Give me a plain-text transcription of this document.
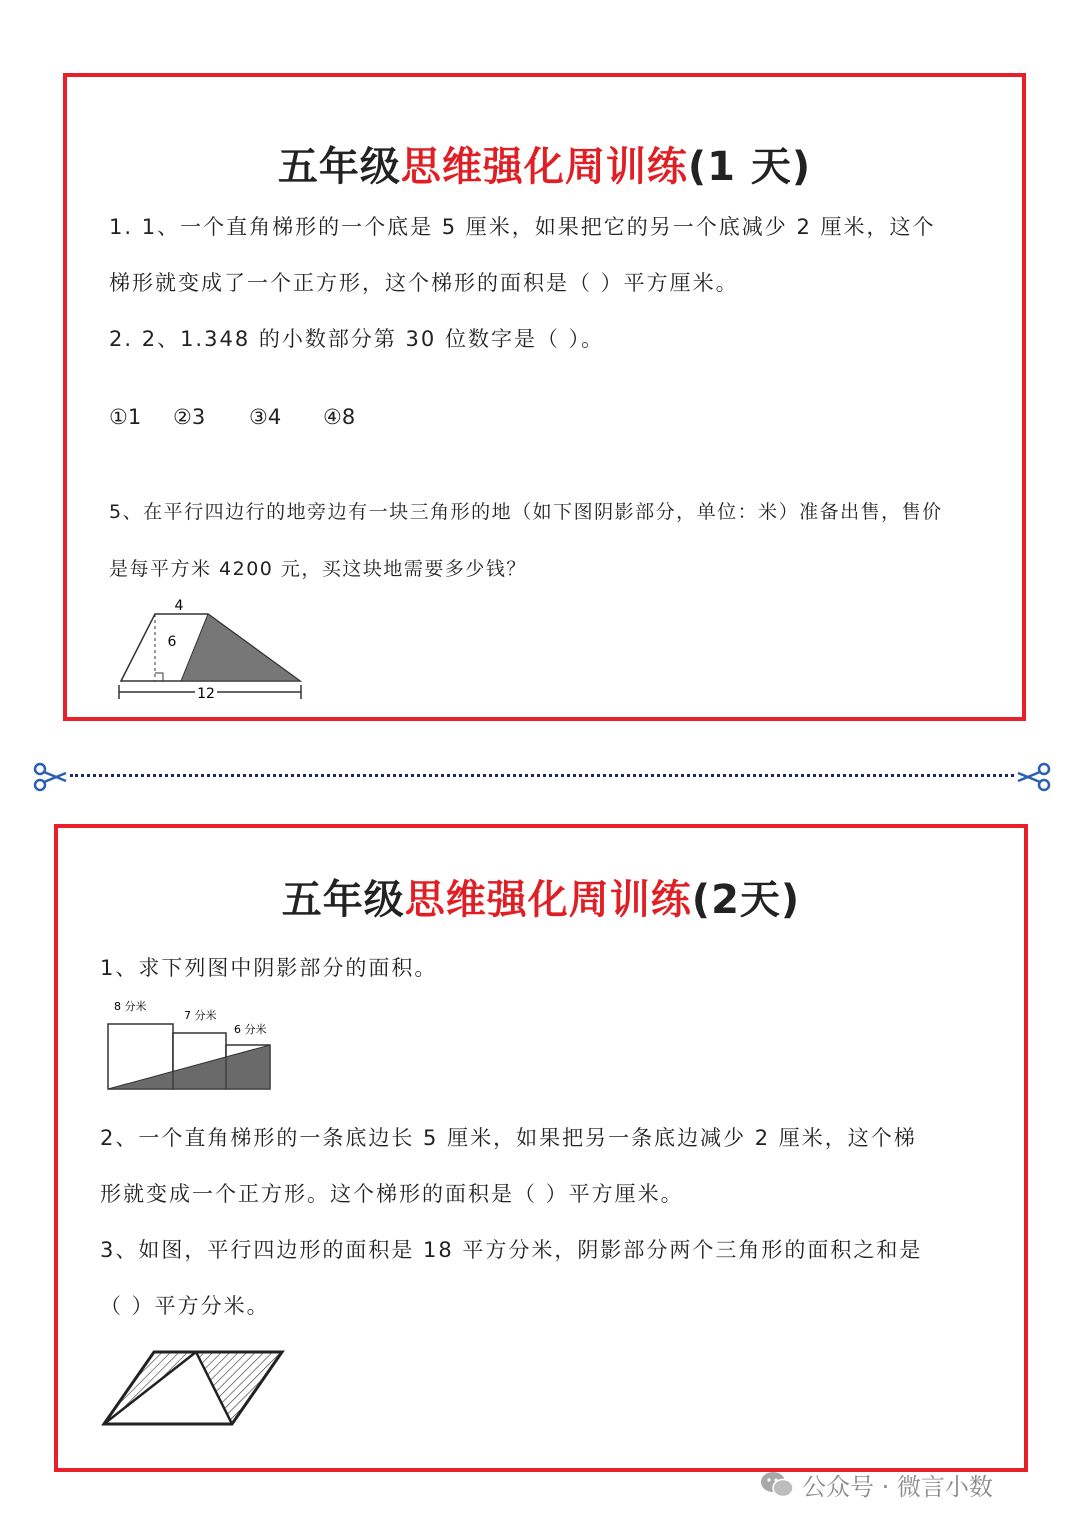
五年级思维强化周训练(1 天)
1. 1、一个直角梯形的一个底是 5 厘米，如果把它的另一个底减少 2 厘米，这个
梯形就变成了一个正方形，这个梯形的面积是（ ）平方厘米。
2. 2、1.348 的小数部分第 30 位数字是（ ）。
①1 ②3 ③4 ④8
5、在平行四边行的地旁边有一块三角形的地（如下图阴影部分，单位：米）准备出售，售价
是每平方米 4200 元，买这块地需要多少钱？
12
4
6
五年级思维强化周训练(2天)
1、求下列图中阴影部分的面积。
8 分米
7 分米
6 分米
2、一个直角梯形的一条底边长 5 厘米，如果把另一条底边减少 2 厘米，这个梯
形就变成一个正方形。这个梯形的面积是（ ）平方厘米。
3、如图，平行四边形的面积是 18 平方分米，阴影部分两个三角形的面积之和是
（ ）平方分米。
公众号 · 微言小数
